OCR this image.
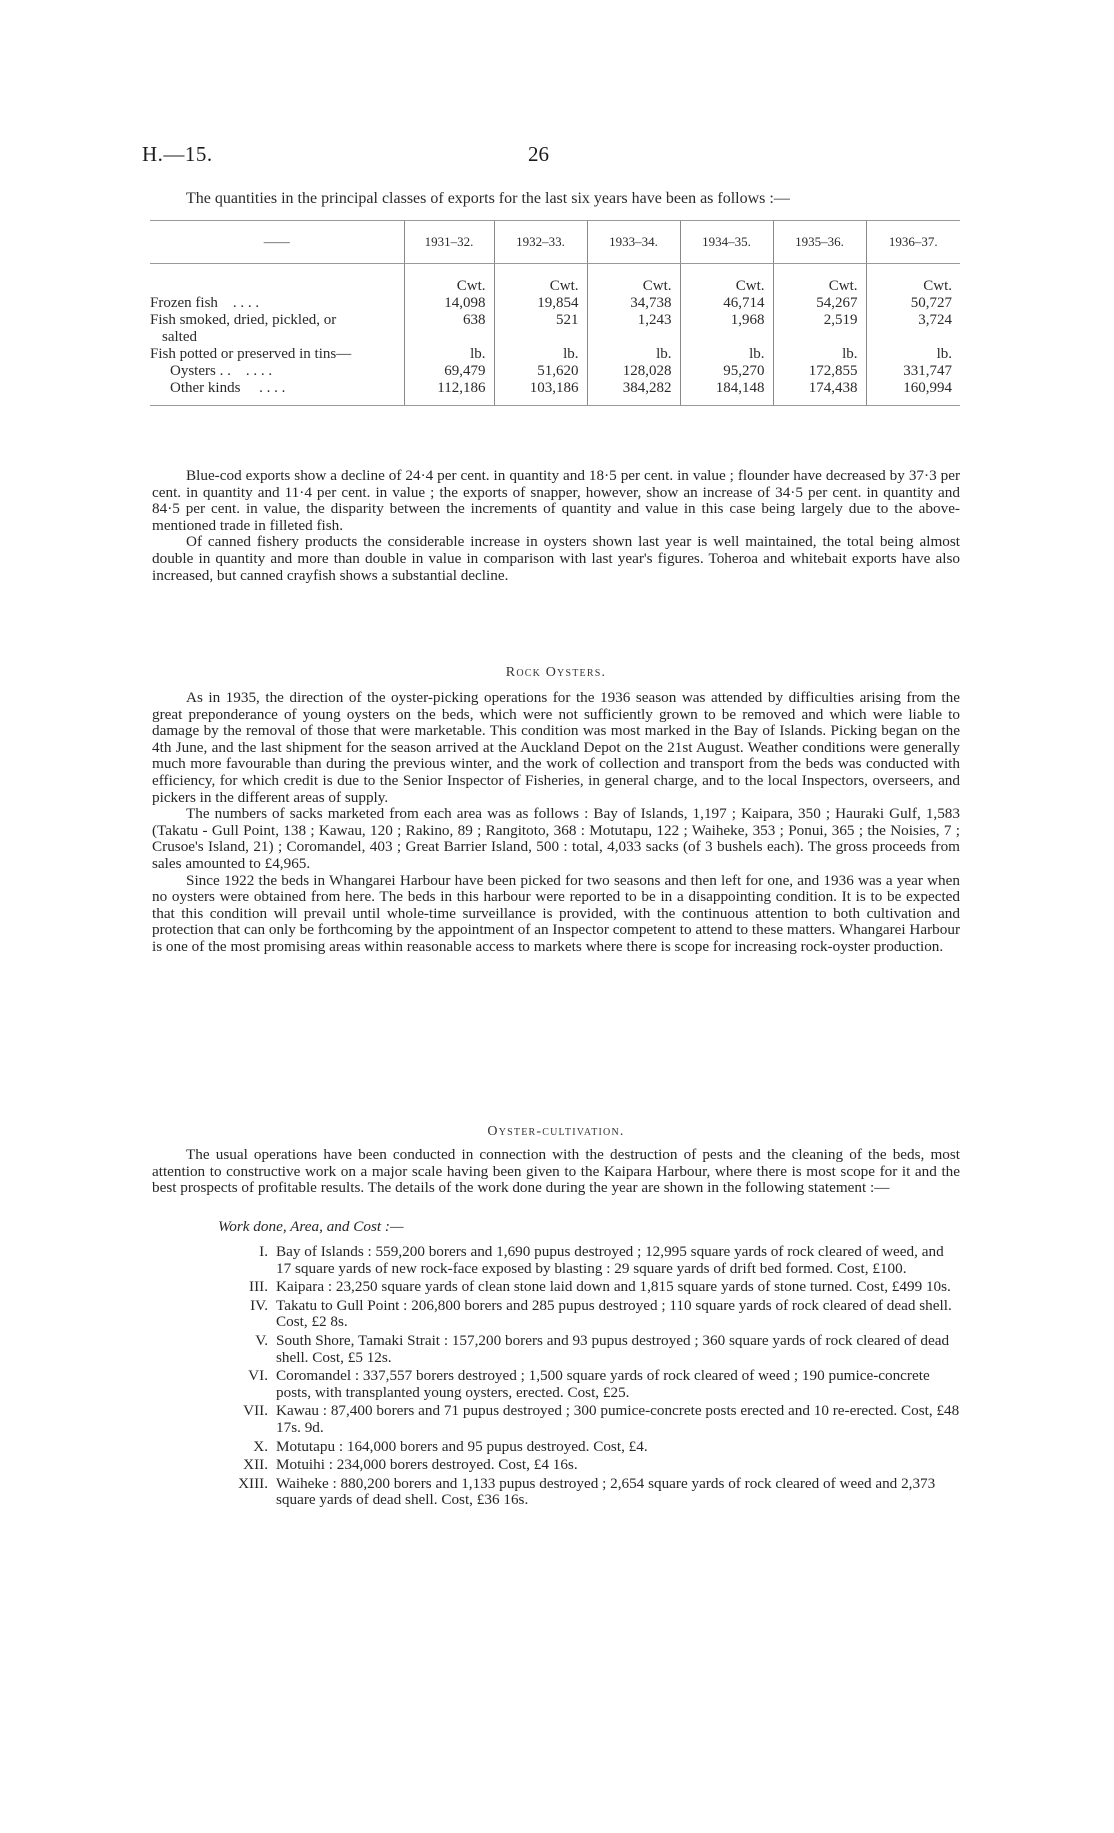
H.—15.	26
The quantities in the principal classes of exports for the last six years have been as follows :—
——	1931–32.	1932–33.	1933–34.	1934–35.	1935–36.	1936–37.

	Cwt.	Cwt.	Cwt.	Cwt.	Cwt.	Cwt.
Frozen fish . . . .	14,098	19,854	34,738	46,714	54,267	50,727
Fish smoked, dried, pickled, or	638	521	1,243	1,968	2,519	3,724
salted						
Fish potted or preserved in tins—	lb.	lb.	lb.	lb.	lb.	lb.
Oysters . . . . . .	69,479	51,620	128,028	95,270	172,855	331,747
Other kinds . . . .	112,186	103,186	384,282	184,148	174,438	160,994

Blue-cod exports show a decline of 24·4 per cent. in quantity and 18·5 per cent. in value ; flounder have decreased by 37·3 per cent. in quantity and 11·4 per cent. in value ; the exports of snapper, however, show an increase of 34·5 per cent. in quantity and 84·5 per cent. in value, the disparity between the increments of quantity and value in this case being largely due to the above-mentioned trade in filleted fish.

Of canned fishery products the considerable increase in oysters shown last year is well maintained, the total being almost double in quantity and more than double in value in comparison with last year's figures. Toheroa and whitebait exports have also increased, but canned crayfish shows a substantial decline.

Rock Oysters.

As in 1935, the direction of the oyster-picking operations for the 1936 season was attended by difficulties arising from the great preponderance of young oysters on the beds, which were not sufficiently grown to be removed and which were liable to damage by the removal of those that were marketable. This condition was most marked in the Bay of Islands. Picking began on the 4th June, and the last shipment for the season arrived at the Auckland Depot on the 21st August. Weather conditions were generally much more favourable than during the previous winter, and the work of collection and transport from the beds was conducted with efficiency, for which credit is due to the Senior Inspector of Fisheries, in general charge, and to the local Inspectors, overseers, and pickers in the different areas of supply.

The numbers of sacks marketed from each area was as follows : Bay of Islands, 1,197 ; Kaipara, 350 ; Hauraki Gulf, 1,583 (Takatu - Gull Point, 138 ; Kawau, 120 ; Rakino, 89 ; Rangitoto, 368 : Motutapu, 122 ; Waiheke, 353 ; Ponui, 365 ; the Noisies, 7 ; Crusoe's Island, 21) ; Coromandel, 403 ; Great Barrier Island, 500 : total, 4,033 sacks (of 3 bushels each). The gross proceeds from sales amounted to £4,965.

Since 1922 the beds in Whangarei Harbour have been picked for two seasons and then left for one, and 1936 was a year when no oysters were obtained from here. The beds in this harbour were reported to be in a disappointing condition. It is to be expected that this condition will prevail until whole-time surveillance is provided, with the continuous attention to both cultivation and protection that can only be forthcoming by the appointment of an Inspector competent to attend to these matters. Whangarei Harbour is one of the most promising areas within reasonable access to markets where there is scope for increasing rock-oyster production.

Oyster-cultivation.

The usual operations have been conducted in connection with the destruction of pests and the cleaning of the beds, most attention to constructive work on a major scale having been given to the Kaipara Harbour, where there is most scope for it and the best prospects of profitable results. The details of the work done during the year are shown in the following statement :—

Work done, Area, and Cost :—
I. Bay of Islands : 559,200 borers and 1,690 pupus destroyed ; 12,995 square yards of rock cleared of weed, and 17 square yards of new rock-face exposed by blasting : 29 square yards of drift bed formed. Cost, £100.
III. Kaipara : 23,250 square yards of clean stone laid down and 1,815 square yards of stone turned. Cost, £499 10s.
IV. Takatu to Gull Point : 206,800 borers and 285 pupus destroyed ; 110 square yards of rock cleared of dead shell. Cost, £2 8s.
V. South Shore, Tamaki Strait : 157,200 borers and 93 pupus destroyed ; 360 square yards of rock cleared of dead shell. Cost, £5 12s.
VI. Coromandel : 337,557 borers destroyed ; 1,500 square yards of rock cleared of weed ; 190 pumice-concrete posts, with transplanted young oysters, erected. Cost, £25.
VII. Kawau : 87,400 borers and 71 pupus destroyed ; 300 pumice-concrete posts erected and 10 re-erected. Cost, £48 17s. 9d.
X. Motutapu : 164,000 borers and 95 pupus destroyed. Cost, £4.
XII. Motuihi : 234,000 borers destroyed. Cost, £4 16s.
XIII. Waiheke : 880,200 borers and 1,133 pupus destroyed ; 2,654 square yards of rock cleared of weed and 2,373 square yards of dead shell. Cost, £36 16s.
